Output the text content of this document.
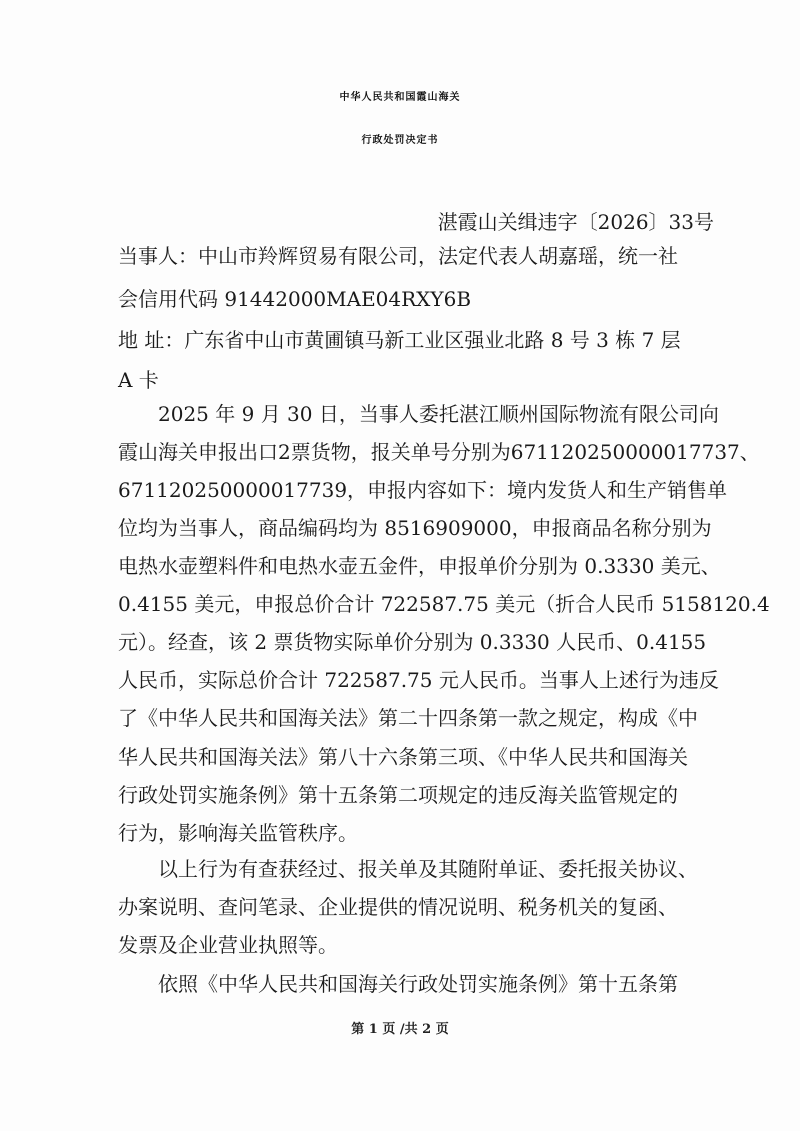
中华人民共和国霞山海关
行政处罚决定书
湛霞山关缉违字〔2026〕33号
当事人：中山市羚辉贸易有限公司，法定代表人胡嘉瑶，统一社
会信用代码 91442000MAE04RXY6B
地 址：广东省中山市黄圃镇马新工业区强业北路 8 号 3 栋 7 层
A 卡
2025 年 9 月 30 日，当事人委托湛江顺州国际物流有限公司向
霞山海关申报出口2票货物，报关单号分别为671120250000017737、
671120250000017739，申报内容如下：境内发货人和生产销售单
位均为当事人，商品编码均为 8516909000，申报商品名称分别为
电热水壶塑料件和电热水壶五金件，申报单价分别为 0.3330 美元、
0.4155 美元，申报总价合计 722587.75 美元（折合人民币 5158120.4
元）。经查，该 2 票货物实际单价分别为 0.3330 人民币、0.4155
人民币，实际总价合计 722587.75 元人民币。当事人上述行为违反
了《中华人民共和国海关法》第二十四条第一款之规定，构成《中
华人民共和国海关法》第八十六条第三项、《中华人民共和国海关
行政处罚实施条例》第十五条第二项规定的违反海关监管规定的
行为，影响海关监管秩序。
以上行为有查获经过、报关单及其随附单证、委托报关协议、
办案说明、查问笔录、企业提供的情况说明、税务机关的复函、
发票及企业营业执照等。
依照《中华人民共和国海关行政处罚实施条例》第十五条第
第 1 页 /共 2 页
